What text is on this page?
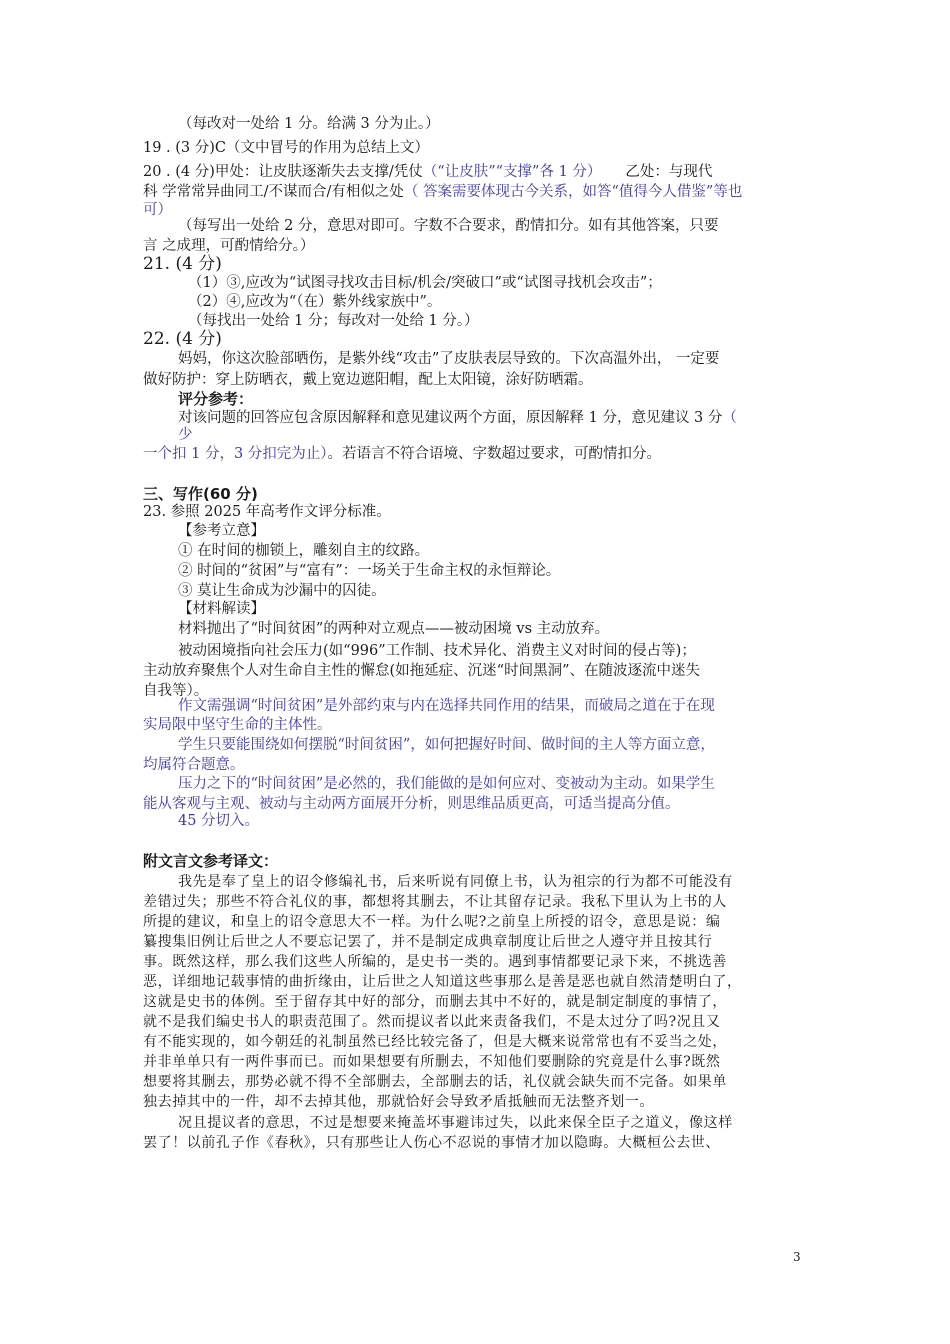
（每改对一处给 1 分。给满 3 分为止。）
19 . (3 分)C（文中冒号的作用为总结上文）
20 . (4 分)甲处：让皮肤逐渐失去支撑/凭仗（“让皮肤”“支撑”各 1 分） 乙处：与现代
科 学常常异曲同工/不谋而合/有相似之处（ 答案需要体现古今关系，如答“值得今人借鉴”等也
可）
（每写出一处给 2 分，意思对即可。字数不合要求，酌情扣分。如有其他答案，只要
言 之成理，可酌情给分。）
21. (4 分)
（1）③,应改为“试图寻找攻击目标/机会/突破口”或“试图寻找机会攻击”；
（2）④,应改为“（在）紫外线家族中”。
（每找出一处给 1 分；每改对一处给 1 分。）
22. (4 分)
妈妈，你这次脸部晒伤，是紫外线“攻击”了皮肤表层导致的。下次高温外出， 一定要
做好防护：穿上防晒衣，戴上宽边遮阳帽，配上太阳镜，涂好防晒霜。
评分参考：
对该问题的回答应包含原因解释和意见建议两个方面，原因解释 1 分，意见建议 3 分（
少
一个扣 1 分，3 分扣完为止）。若语言不符合语境、字数超过要求，可酌情扣分。
三、写作(60 分)
23. 参照 2025 年高考作文评分标准。
【参考立意】
① 在时间的枷锁上，雕刻自主的纹路。
② 时间的“贫困”与“富有”：一场关于生命主权的永恒辩论。
③ 莫让生命成为沙漏中的囚徒。
【材料解读】
材料抛出了“时间贫困”的两种对立观点——被动困境 vs 主动放弃。
被动困境指向社会压力(如“996”工作制、技术异化、消费主义对时间的侵占等)；
主动放弃聚焦个人对生命自主性的懈怠(如拖延症、沉迷“时间黑洞”、在随波逐流中迷失
自我等）。
作文需强调“时间贫困”是外部约束与内在选择共同作用的结果，而破局之道在于在现
实局限中坚守生命的主体性。
学生只要能围绕如何摆脱“时间贫困”，如何把握好时间、做时间的主人等方面立意，
均属符合题意。
压力之下的“时间贫困”是必然的，我们能做的是如何应对、变被动为主动。如果学生
能从客观与主观、被动与主动两方面展开分析，则思维品质更高，可适当提高分值。
45 分切入。
附文言文参考译文：
我先是奉了皇上的诏令修编礼书，后来听说有同僚上书，认为祖宗的行为都不可能没有
差错过失；那些不符合礼仪的事，都想将其删去，不让其留存记录。我私下里认为上书的人
所提的建议，和皇上的诏令意思大不一样。为什么呢?之前皇上所授的诏令，意思是说：编
纂搜集旧例让后世之人不要忘记罢了，并不是制定成典章制度让后世之人遵守并且按其行
事。既然这样，那么我们这些人所编的，是史书一类的。遇到事情都要记录下来，不挑选善
恶，详细地记载事情的曲折缘由，让后世之人知道这些事那么是善是恶也就自然清楚明白了，
这就是史书的体例。至于留存其中好的部分，而删去其中不好的，就是制定制度的事情了，
就不是我们编史书人的职责范围了。然而提议者以此来责备我们，不是太过分了吗?况且又
有不能实现的，如今朝廷的礼制虽然已经比较完备了，但是大概来说常常也有不妥当之处，
并非单单只有一两件事而已。而如果想要有所删去，不知他们要删除的究竟是什么事?既然
想要将其删去，那势必就不得不全部删去，全部删去的话，礼仪就会缺失而不完备。如果单
独去掉其中的一件，却不去掉其他，那就恰好会导致矛盾抵触而无法整齐划一。
况且提议者的意思，不过是想要来掩盖坏事避讳过失，以此来保全臣子之道义，像这样
罢了！以前孔子作《春秋》，只有那些让人伤心不忍说的事情才加以隐晦。大概桓公去世、
3
